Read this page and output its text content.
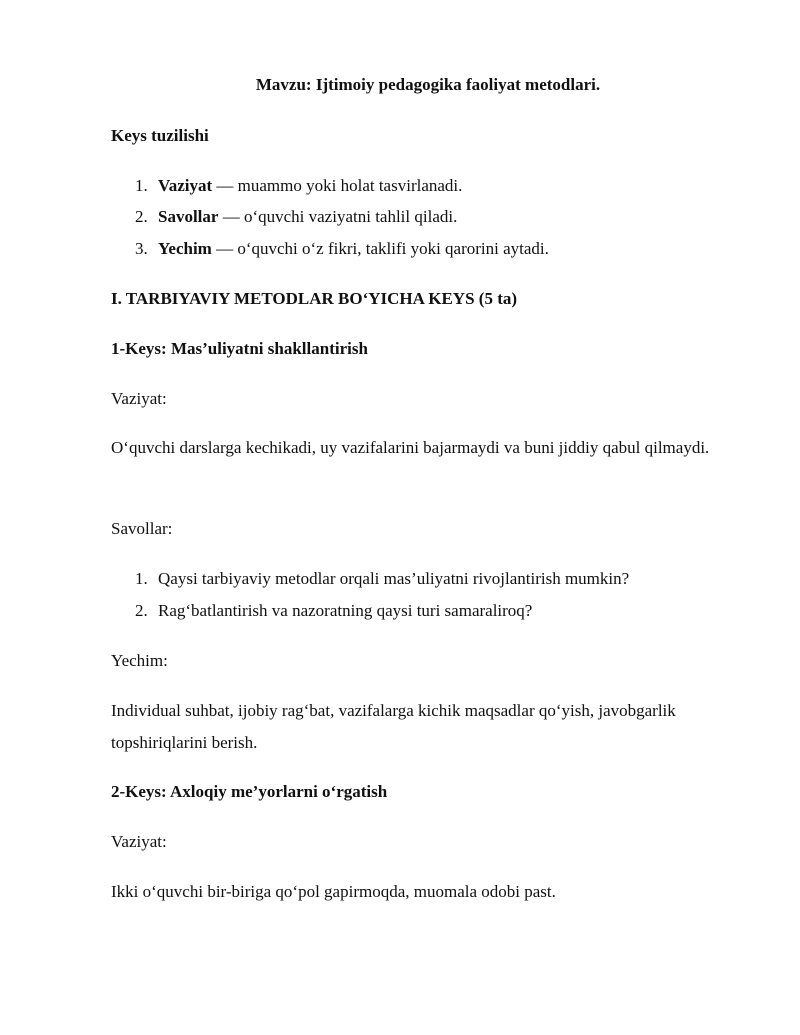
Mavzu: Ijtimoiy pedagogika faoliyat metodlari.
Keys tuzilishi
1. Vaziyat — muammo yoki holat tasvirlanadi.
2. Savollar — o‘quvchi vaziyatni tahlil qiladi.
3. Yechim — o‘quvchi o‘z fikri, taklifi yoki qarorini aytadi.
I. TARBIYAVIY METODLAR BO‘YICHA KEYS (5 ta)
1-Keys: Mas’uliyatni shakllantirish
Vaziyat:
O‘quvchi darslarga kechikadi, uy vazifalarini bajarmaydi va buni jiddiy qabul qilmaydi.
Savollar:
1. Qaysi tarbiyaviy metodlar orqali mas’uliyatni rivojlantirish mumkin?
2. Rag‘batlantirish va nazoratning qaysi turi samaraliroq?
Yechim:
Individual suhbat, ijobiy rag‘bat, vazifalarga kichik maqsadlar qo‘yish, javobgarlik topshiriqlarini berish.
2-Keys: Axloqiy me’yorlarni o‘rgatish
Vaziyat:
Ikki o‘quvchi bir-biriga qo‘pol gapirmoqda, muomala odobi past.
